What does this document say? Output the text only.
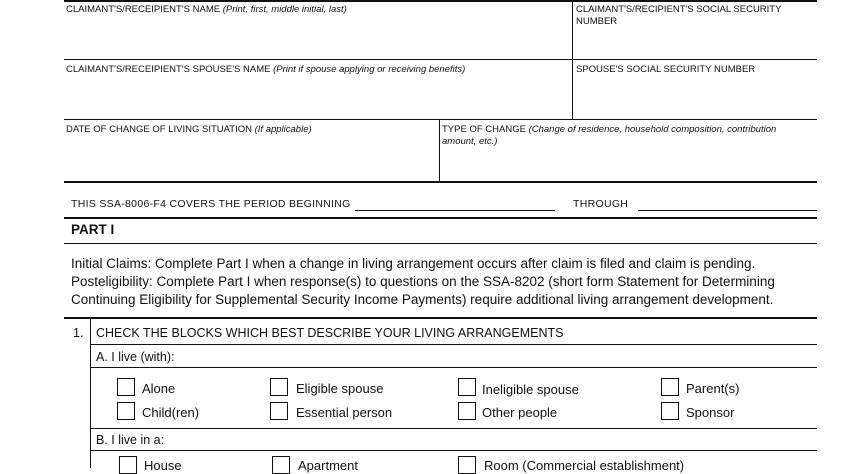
CLAIMANT'S/RECEIPIENT'S NAME (Print, first, middle initial, last)	CLAIMANT'S/RECIPIENT'S SOCIAL SECURITY
NUMBER
CLAIMANT'S/RECEIPIENT'S SPOUSE'S NAME (Print if spouse applying or receiving benefits)	SPOUSE'S SOCIAL SECURITY NUMBER
DATE OF CHANGE OF LIVING SITUATION (If applicable)	TYPE OF CHANGE (Change of residence, household composition, contribution
amount, etc.)
THIS SSA-8006-F4 COVERS THE PERIOD BEGINNING	THROUGH
PART I
Initial Claims: Complete Part I when a change in living arrangement occurs after claim is filed and claim is pending.
Posteligibility: Complete Part I when response(s) to questions on the SSA-8202 (short form Statement for Determining
Continuing Eligibility for Supplemental Security Income Payments) require additional living arrangement development.
1. CHECK THE BLOCKS WHICH BEST DESCRIBE YOUR LIVING ARRANGEMENTS
A. I live (with):
Alone	Eligible spouse	Ineligible spouse	Parent(s)
Child(ren)	Essential person	Other people	Sponsor
B. I live in a:
House	Apartment	Room (Commercial establishment)
